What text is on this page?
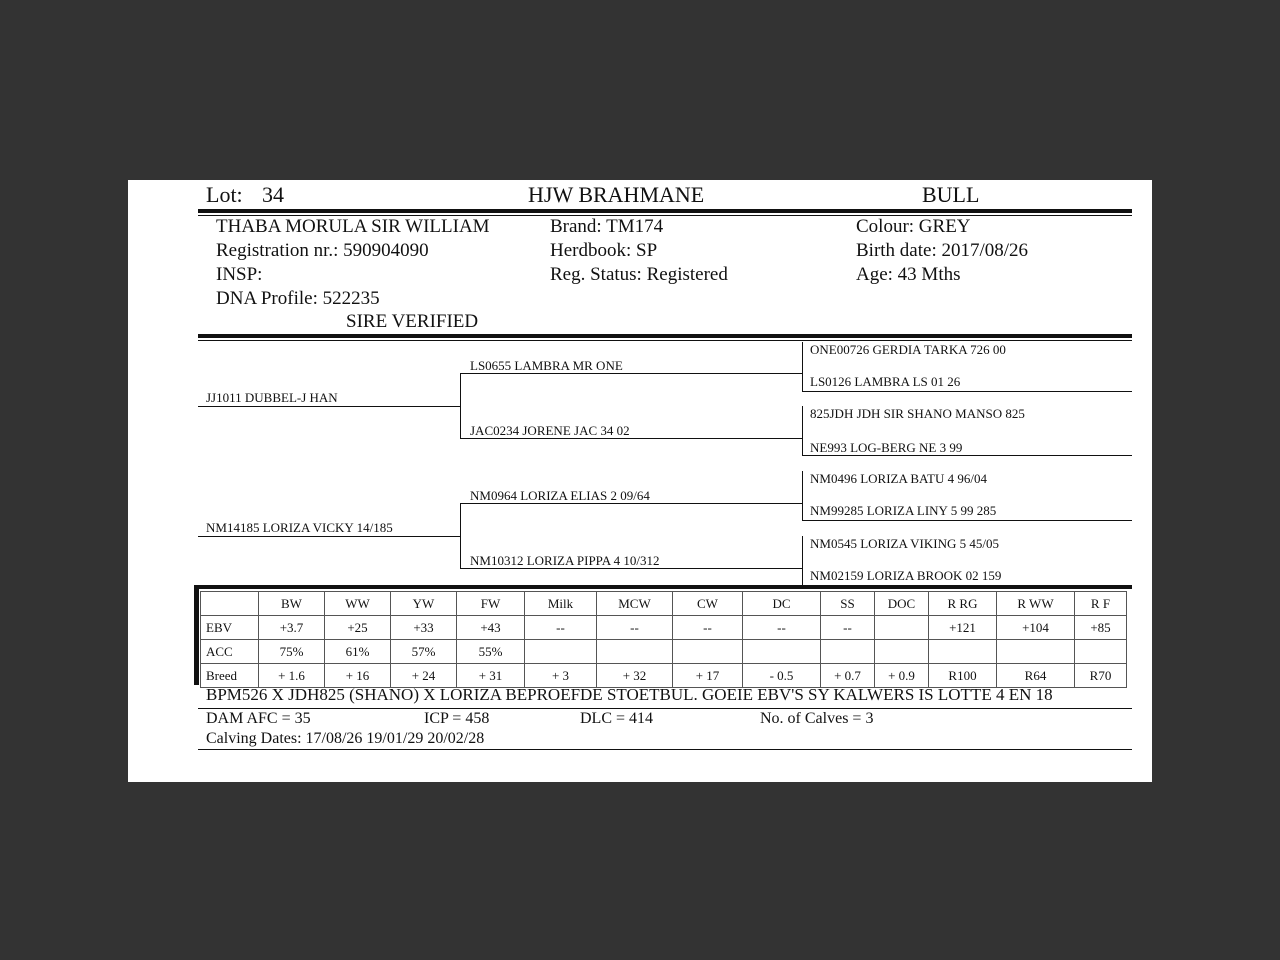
Lot: 34	HJW BRAHMANE	BULL
THABA MORULA SIR WILLIAM
Registration nr.: 590904090
INSP:
DNA Profile: 522235
SIRE VERIFIED
Brand: TM174
Herdbook: SP
Reg. Status: Registered
Colour: GREY
Birth date: 2017/08/26
Age: 43 Mths
JJ1011 DUBBEL-J HAN
NM14185 LORIZA VICKY 14/185
LS0655 LAMBRA MR ONE
JAC0234 JORENE JAC 34 02
NM0964 LORIZA ELIAS 2 09/64
NM10312 LORIZA PIPPA 4 10/312
ONE00726 GERDIA TARKA 726 00
LS0126 LAMBRA LS 01 26
825JDH JDH SIR SHANO MANSO 825
NE993 LOG-BERG NE 3 99
NM0496 LORIZA BATU 4 96/04
NM99285 LORIZA LINY 5 99 285
NM0545 LORIZA VIKING 5 45/05
NM02159 LORIZA BROOK 02 159
	BW	WW	YW	FW	Milk	MCW	CW	DC	SS	DOC	R RG	R WW	R F
EBV	+3.7	+25	+33	+43	--	--	--	--	--		+121	+104	+85
ACC	75%	61%	57%	55%									
Breed	+ 1.6	+ 16	+ 24	+ 31	+ 3	+ 32	+ 17	- 0.5	+ 0.7	+ 0.9	R100	R64	R70
BPM526 X JDH825 (SHANO) X LORIZA BEPROEFDE STOETBUL. GOEIE EBV'S SY KALWERS IS LOTTE 4 EN 18
DAM AFC = 35	ICP = 458	DLC = 414	No. of Calves = 3
Calving Dates: 17/08/26 19/01/29 20/02/28
